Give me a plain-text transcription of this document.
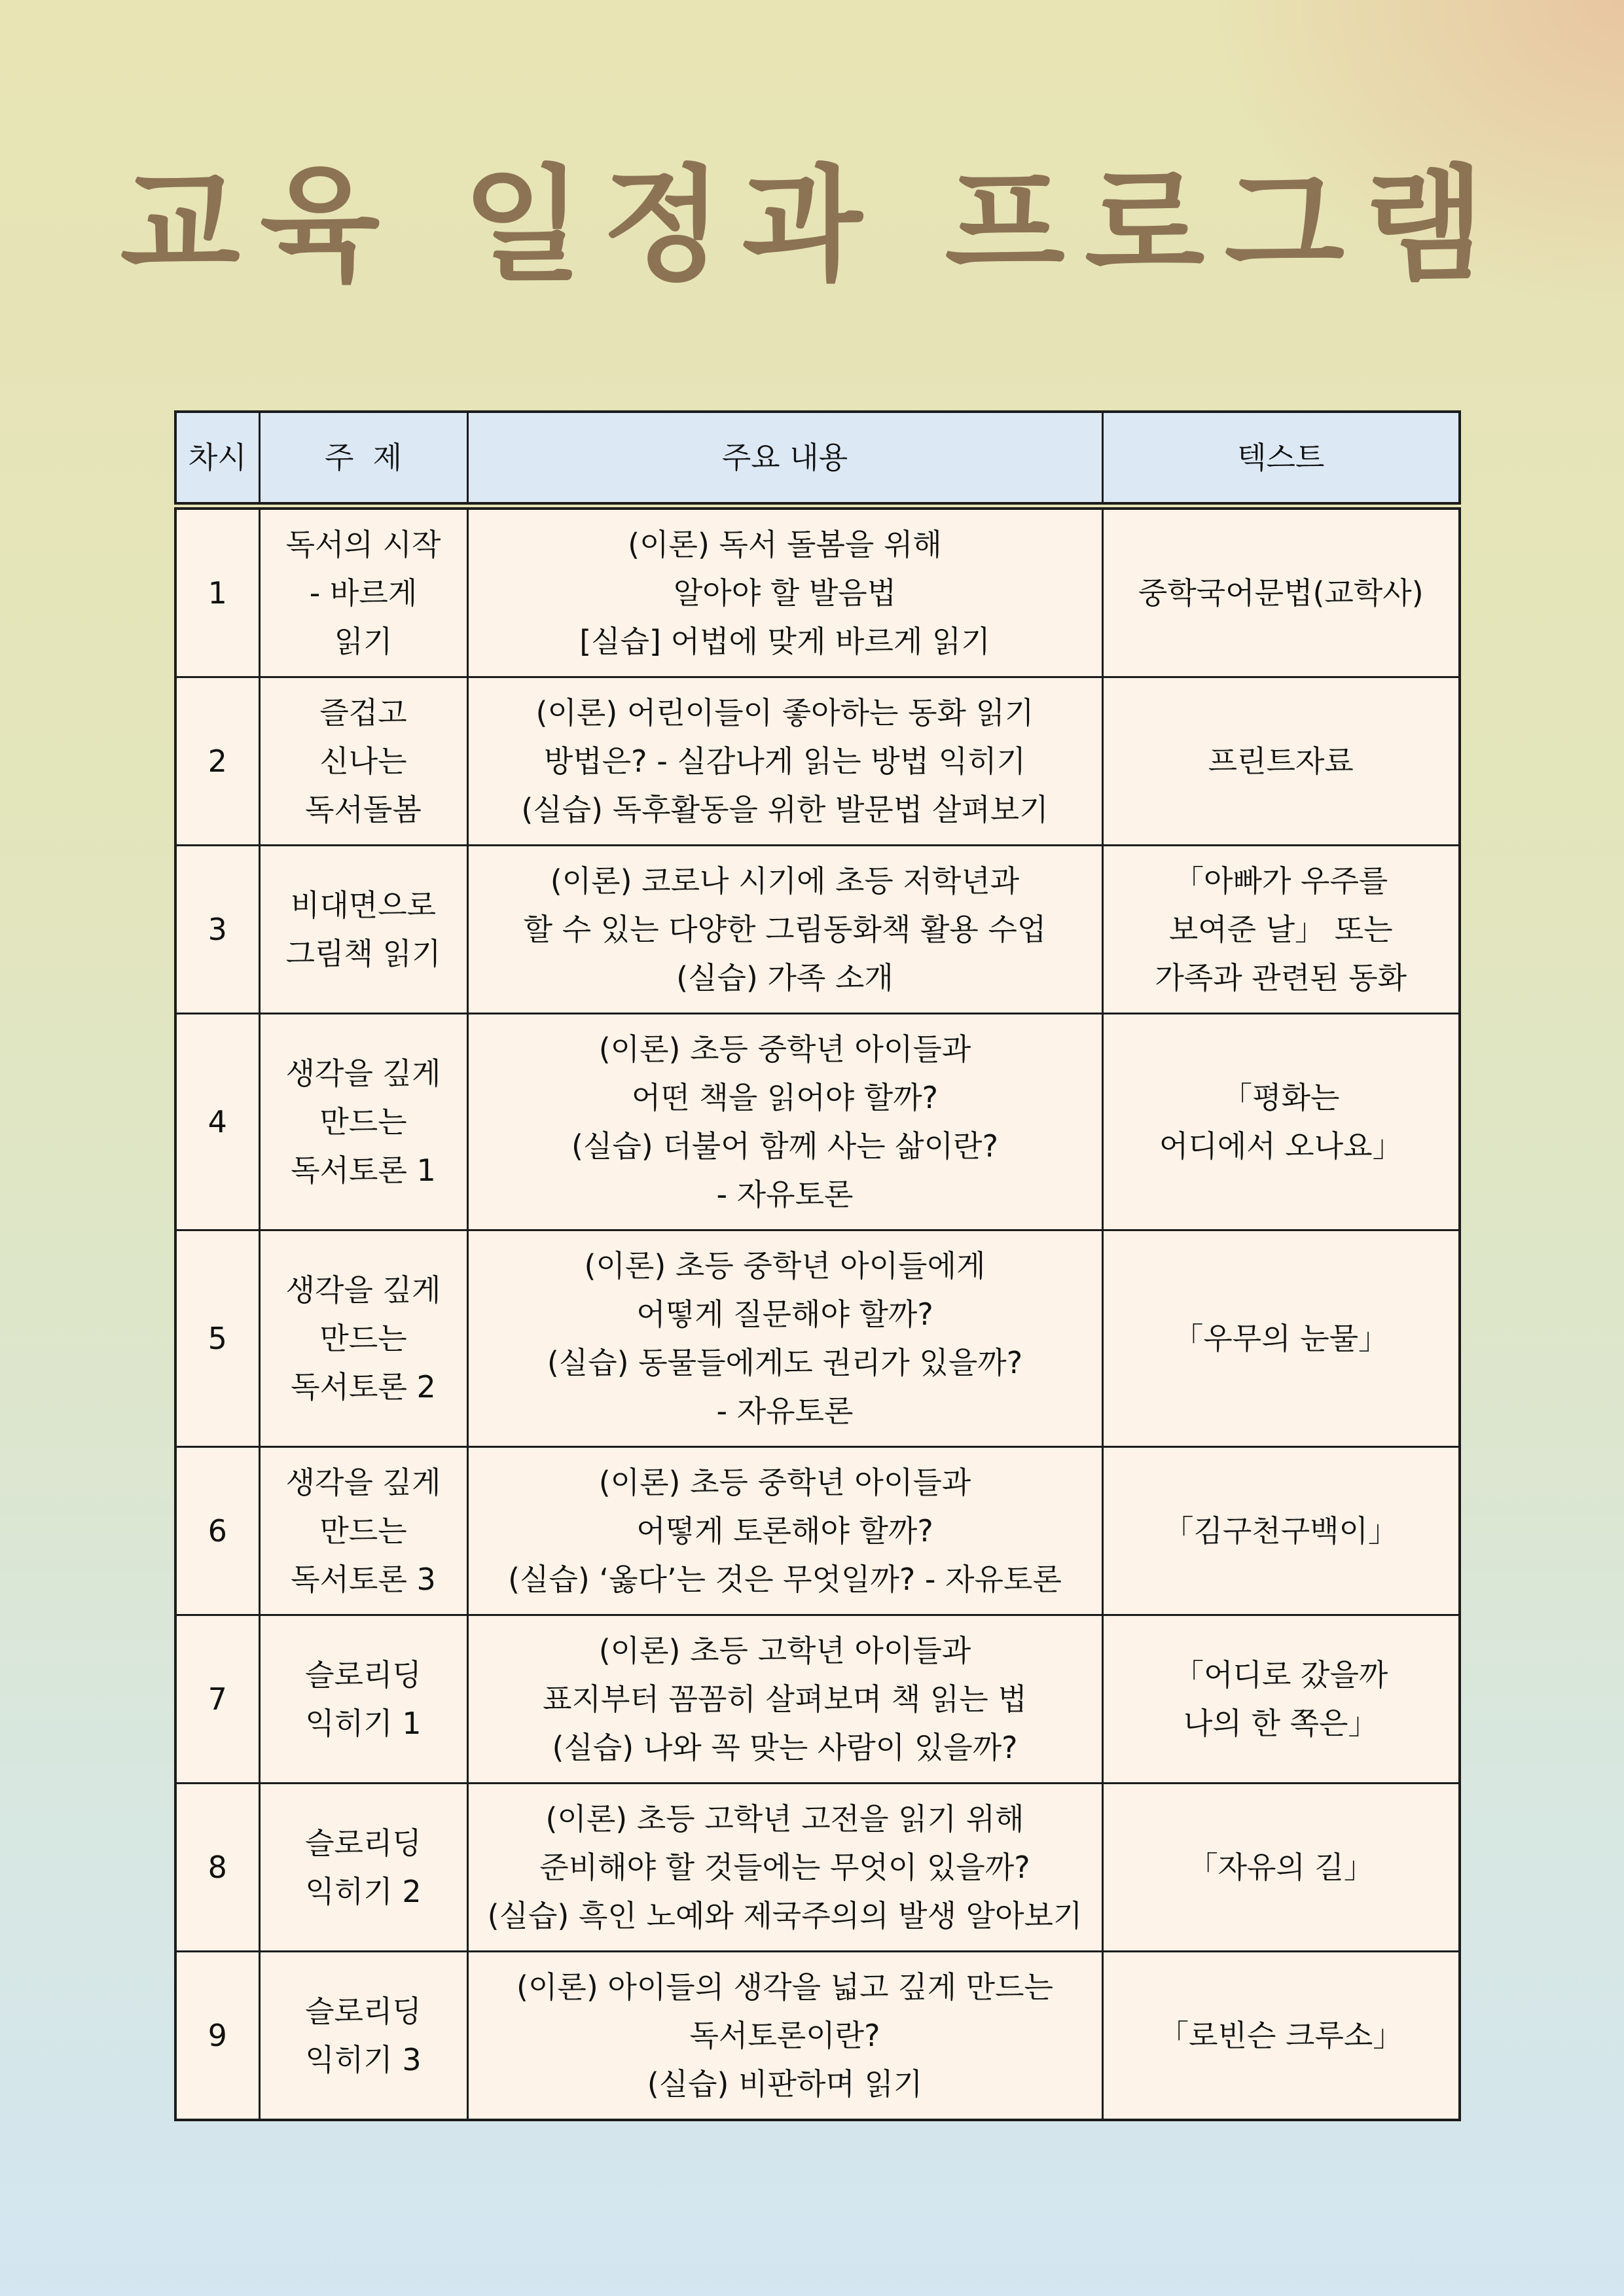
교육 일정과 프로그램
차시	주  제	주요 내용	텍스트
1	독서의 시작
- 바르게
읽기	(이론) 독서 돌봄을 위해
알아야 할 발음법
[실습] 어법에 맞게 바르게 읽기	중학국어문법(교학사)

2	즐겁고
신나는
독서돌봄	(이론) 어린이들이 좋아하는 동화 읽기
방법은? - 실감나게 읽는 방법 익히기
(실습) 독후활동을 위한 발문법 살펴보기	프린트자료

3	비대면으로
그림책 읽기	(이론) 코로나 시기에 초등 저학년과
할 수 있는 다양한 그림동화책 활용 수업
(실습) 가족 소개	「아빠가 우주를
보여준 날」 또는
가족과 관련된 동화

4	생각을 깊게
만드는
독서토론 1	(이론) 초등 중학년 아이들과
어떤 책을 읽어야 할까?
(실습) 더불어 함께 사는 삶이란?
- 자유토론	「평화는
어디에서 오나요」

5	생각을 깊게
만드는
독서토론 2	(이론) 초등 중학년 아이들에게
어떻게 질문해야 할까?
(실습) 동물들에게도 권리가 있을까?
- 자유토론	「우무의 눈물」

6	생각을 깊게
만드는
독서토론 3	(이론) 초등 중학년 아이들과
어떻게 토론해야 할까?
(실습) ‘옳다’는 것은 무엇일까? - 자유토론	「김구천구백이」

7	슬로리딩
익히기 1	(이론) 초등 고학년 아이들과
표지부터 꼼꼼히 살펴보며 책 읽는 법
(실습) 나와 꼭 맞는 사람이 있을까?	「어디로 갔을까
나의 한 쪽은」

8	슬로리딩
익히기 2	(이론) 초등 고학년 고전을 읽기 위해
준비해야 할 것들에는 무엇이 있을까?
(실습) 흑인 노예와 제국주의의 발생 알아보기	「자유의 길」

9	슬로리딩
익히기 3	(이론) 아이들의 생각을 넓고 깊게 만드는
독서토론이란?
(실습) 비판하며 읽기	「로빈슨 크루소」
